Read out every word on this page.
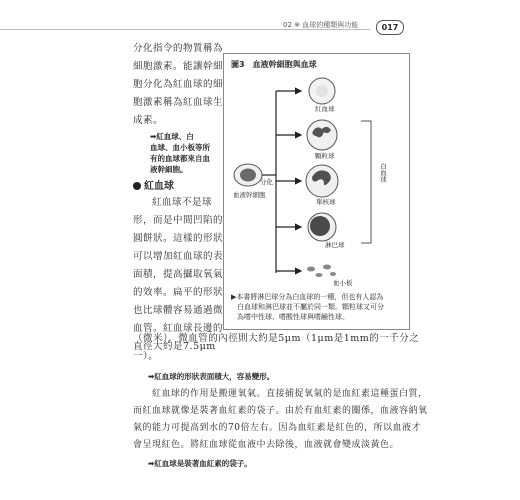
02 ※ 血球的種類與功能	017
分化指令的物質稱為
細胞激素。能讓幹細
胞分化為紅血球的細
胞激素稱為紅血球生
成素。
➡紅血球、白
血球、血小板等所
有的血球都來自血
液幹細胞。
紅血球
紅血球不是球
形，而是中間凹陷的
圓餅狀。這樣的形狀
可以增加紅血球的表
面積，提高攝取氧氣
的效率。扁平的形狀
也比球體容易通過微
血管。紅血球長邊的
直徑大約是7.5μm
圖3　血液幹細胞與血球
血液幹細胞
分化
紅血球
顆粒球
單核球
淋巴球
血小板
白血球
▶本書將淋巴球分為白血球的一種，但也有人認為
白血球和淋巴球並不屬於同一類。顆粒球又可分
為嗜中性球、嗜酸性球與嗜鹼性球。
（微米），微血管的內徑則大約是5μm（1μm是1mm的一千分之
一）。
➡紅血球的形狀表面積大，容易變形。
紅血球的作用是搬運氧氣。直接捕捉氧氣的是血紅素這種蛋白質，
而紅血球就像是裝著血紅素的袋子。由於有血紅素的關係，血液容納氧
氣的能力可提高到水的70倍左右。因為血紅素是紅色的，所以血液才
會呈現紅色。將紅血球從血液中去除後，血液就會變成淡黃色。
➡紅血球是裝著血紅素的袋子。
